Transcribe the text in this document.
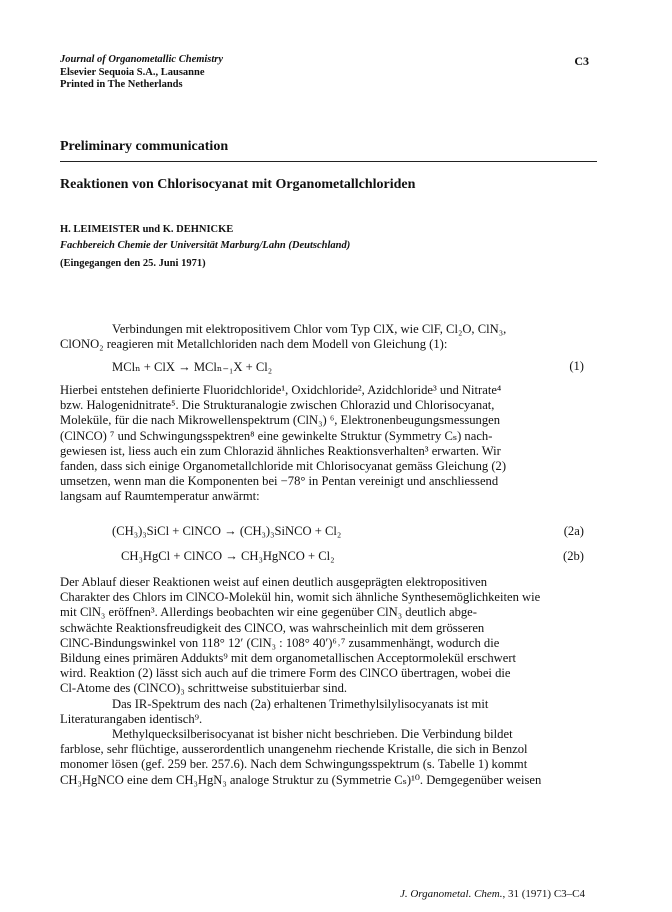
Journal of Organometallic Chemistry
Elsevier Sequoia S.A., Lausanne
Printed in The Netherlands
C3
Preliminary communication
Reaktionen von Chlorisocyanat mit Organometallchloriden
H. LEIMEISTER und K. DEHNICKE
Fachbereich Chemie der Universität Marburg/Lahn (Deutschland)
(Eingegangen den 25. Juni 1971)
Verbindungen mit elektropositivem Chlor vom Typ ClX, wie ClF, Cl₂O, ClN₃,
ClONO₂ reagieren mit Metallchloriden nach dem Modell von Gleichung (1):
MClₙ + ClX → MClₙ₋₁X + Cl₂	(1)
Hierbei entstehen definierte Fluoridchloride¹, Oxidchloride², Azidchloride³ und Nitrate⁴
bzw. Halogenidnitrate⁵. Die Strukturanalogie zwischen Chlorazid und Chlorisocyanat,
Moleküle, für die nach Mikrowellenspektrum (ClN₃) ⁶, Elektronenbeugungsmessungen
(ClNCO) ⁷ und Schwingungsspektren⁸ eine gewinkelte Struktur (Symmetry Cₛ) nach-
gewiesen ist, liess auch ein zum Chlorazid ähnliches Reaktionsverhalten³ erwarten. Wir
fanden, dass sich einige Organometallchloride mit Chlorisocyanat gemäss Gleichung (2)
umsetzen, wenn man die Komponenten bei −78° in Pentan vereinigt und anschliessend
langsam auf Raumtemperatur anwärmt:
(CH₃)₃SiCl + ClNCO → (CH₃)₃SiNCO + Cl₂	(2a)
CH₃HgCl + ClNCO → CH₃HgNCO + Cl₂	(2b)
Der Ablauf dieser Reaktionen weist auf einen deutlich ausgeprägten elektropositiven
Charakter des Chlors im ClNCO-Molekül hin, womit sich ähnliche Synthesemöglichkeiten wie
mit ClN₃ eröffnen³. Allerdings beobachten wir eine gegenüber ClN₃ deutlich abge-
schwächte Reaktionsfreudigkeit des ClNCO, was wahrscheinlich mit dem grösseren
ClNC-Bindungswinkel von 118° 12′ (ClN₃ : 108° 40′)⁶˒⁷ zusammenhängt, wodurch die
Bildung eines primären Addukts⁹ mit dem organometallischen Acceptormolekül erschwert
wird. Reaktion (2) lässt sich auch auf die trimere Form des ClNCO übertragen, wobei die
Cl-Atome des (ClNCO)₃ schrittweise substituierbar sind.
Das IR-Spektrum des nach (2a) erhaltenen Trimethylsilylisocyanats ist mit
Literaturangaben identisch⁹.
Methylquecksilberisocyanat ist bisher nicht beschrieben. Die Verbindung bildet
farblose, sehr flüchtige, ausserordentlich unangenehm riechende Kristalle, die sich in Benzol
monomer lösen (gef. 259 ber. 257.6). Nach dem Schwingungsspektrum (s. Tabelle 1) kommt
CH₃HgNCO eine dem CH₃HgN₃ analoge Struktur zu (Symmetrie Cₛ)¹⁰. Demgegenüber weisen
J. Organometal. Chem., 31 (1971) C3–C4
